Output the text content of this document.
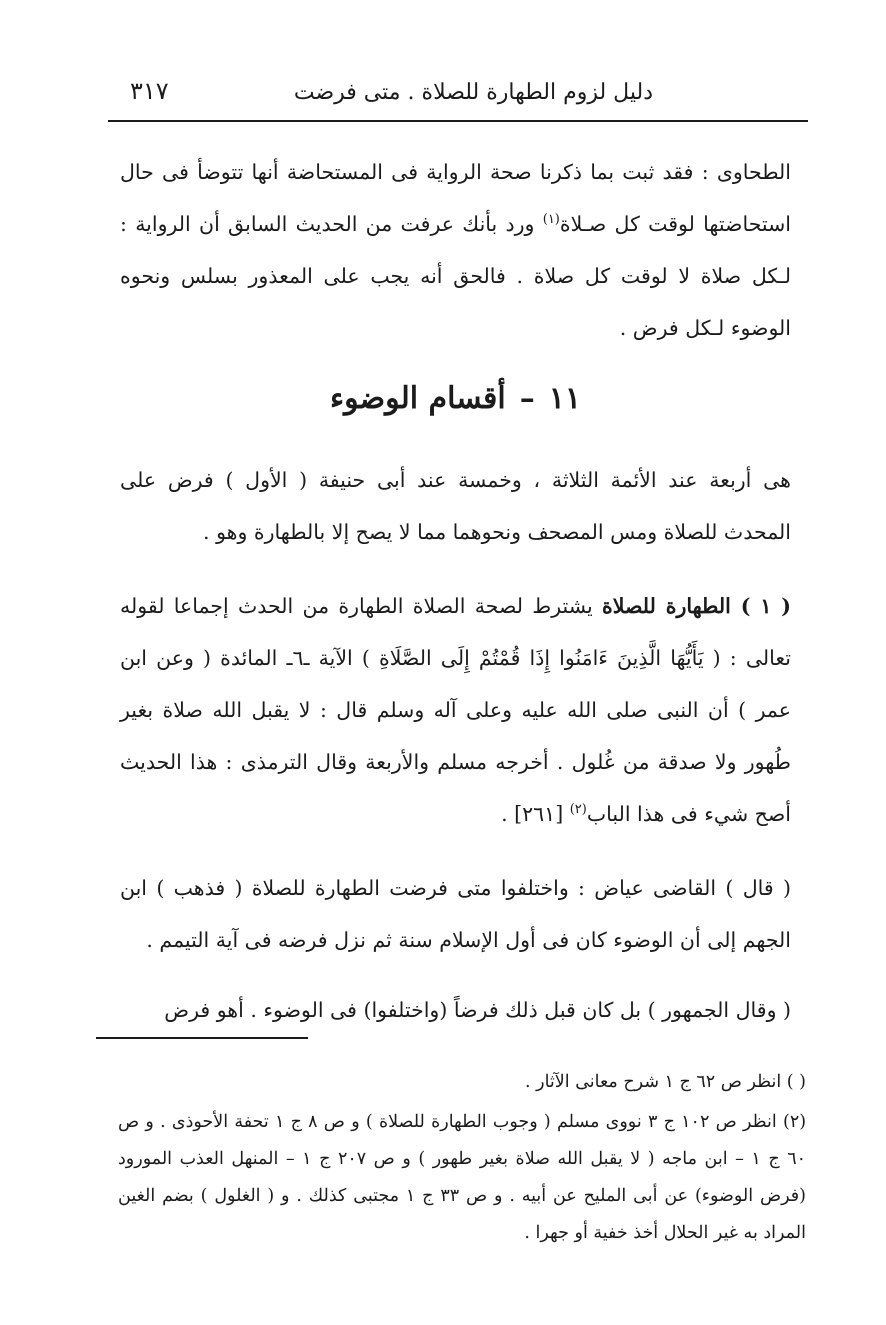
دليل لزوم الطهارة للصلاة . متى فرضت
٣١٧

الطحاوى : فقد ثبت بما ذكرنا صحة الرواية فى المستحاضة أنها تتوضأ فى حال استحاضتها لوقت كل صـلاة$^{(١)}$ ورد بأنك عرفت من الحديث السابق أن الرواية : لـكل صلاة لا لوقت كل صلاة . فالحق أنه يجب على المعذور بسلس ونحوه الوضوء لـكل فرض .

١١–أقسام الوضوء

هى أربعة عند الأئمة الثلاثة ، وخمسة عند أبى حنيفة ( الأول ) فرض على المحدث للصلاة ومس المصحف ونحوهما مما لا يصح إلا بالطهارة وهو .

( ١ ) الطهارة للصلاة يشترط لصحة الصلاة الطهارة من الحدث إجماعا لقوله تعالى : ( يَأَيُّهَا الَّذِينَ ءَامَنُوا إِذَا قُمْتُمْ إِلَى الصَّلَاةِ ) الآية ـ٦ـ المائدة ( وعن ابن عمر ) أن النبى صلى الله عليه وعلى آله وسلم قال : لا يقبل الله صلاة بغير طُهور ولا صدقة من غُلول . أخرجه مسلم والأربعة وقال الترمذى : هذا الحديث أصح شيء فى هذا الباب$^{(٢)}$ [٢٦١] .

( قال ) القاضى عياض : واختلفوا متى فرضت الطهارة للصلاة ( فذهب ) ابن الجهم إلى أن الوضوء كان فى أول الإسلام سنة ثم نزل فرضه فى آية التيمم .

( وقال الجمهور ) بل كان قبل ذلك فرضاً (واختلفوا) فى الوضوء . أهو فرض

( ) انظر ص ٦٢ ج ١ شرح معانى الآثار .

(٢) انظر ص ١٠٢ ج ٣ نووى مسلم ( وجوب الطهارة للصلاة ) و ص ٨ ج ١ تحفة الأحوذى . و ص ٦٠ ج ١ – ابن ماجه ( لا يقبل الله صلاة بغير طهور ) و ص ٢٠٧ ج ١ – المنهل العذب المورود (فرض الوضوء) عن أبى المليح عن أبيه . و ص ٣٣ ج ١ مجتبى كذلك . و ( الغلول ) بضم الغين المراد به غير الحلال أخذ خفية أو جهرا .
